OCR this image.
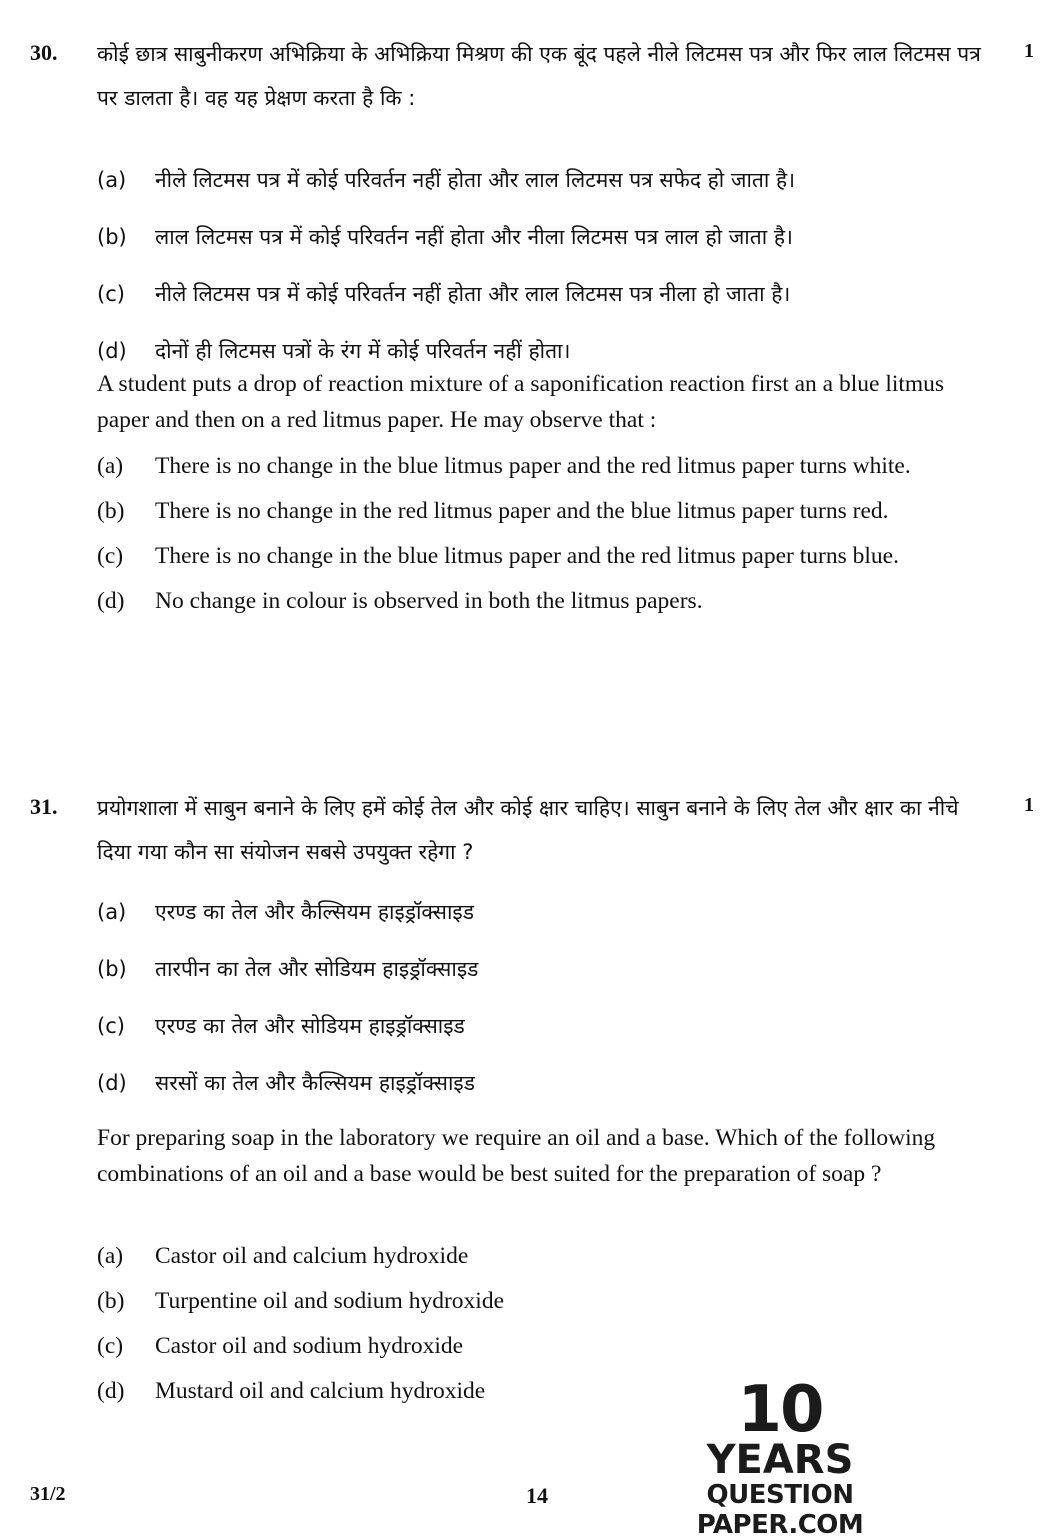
30.	1
कोई छात्र साबुनीकरण अभिक्रिया के अभिक्रिया मिश्रण की एक बूंद पहले नीले लिटमस पत्र और फिर लाल लिटमस पत्र पर डालता है। वह यह प्रेक्षण करता है कि :
(a) नीले लिटमस पत्र में कोई परिवर्तन नहीं होता और लाल लिटमस पत्र सफेद हो जाता है।
(b) लाल लिटमस पत्र में कोई परिवर्तन नहीं होता और नीला लिटमस पत्र लाल हो जाता है।
(c) नीले लिटमस पत्र में कोई परिवर्तन नहीं होता और लाल लिटमस पत्र नीला हो जाता है।
(d) दोनों ही लिटमस पत्रों के रंग में कोई परिवर्तन नहीं होता।
A student puts a drop of reaction mixture of a saponification reaction first an a blue litmus paper and then on a red litmus paper. He may observe that :
(a) There is no change in the blue litmus paper and the red litmus paper turns white.
(b) There is no change in the red litmus paper and the blue litmus paper turns red.
(c) There is no change in the blue litmus paper and the red litmus paper turns blue.
(d) No change in colour is observed in both the litmus papers.
31.	1
प्रयोगशाला में साबुन बनाने के लिए हमें कोई तेल और कोई क्षार चाहिए। साबुन बनाने के लिए तेल और क्षार का नीचे दिया गया कौन सा संयोजन सबसे उपयुक्त रहेगा ?
(a) एरण्ड का तेल और कैल्सियम हाइड्रॉक्साइड
(b) तारपीन का तेल और सोडियम हाइड्रॉक्साइड
(c) एरण्ड का तेल और सोडियम हाइड्रॉक्साइड
(d) सरसों का तेल और कैल्सियम हाइड्रॉक्साइड
For preparing soap in the laboratory we require an oil and a base. Which of the following combinations of an oil and a base would be best suited for the preparation of soap ?
(a) Castor oil and calcium hydroxide
(b) Turpentine oil and sodium hydroxide
(c) Castor oil and sodium hydroxide
(d) Mustard oil and calcium hydroxide	10
YEARS
QUESTION PAPER.COM
31/2	14
